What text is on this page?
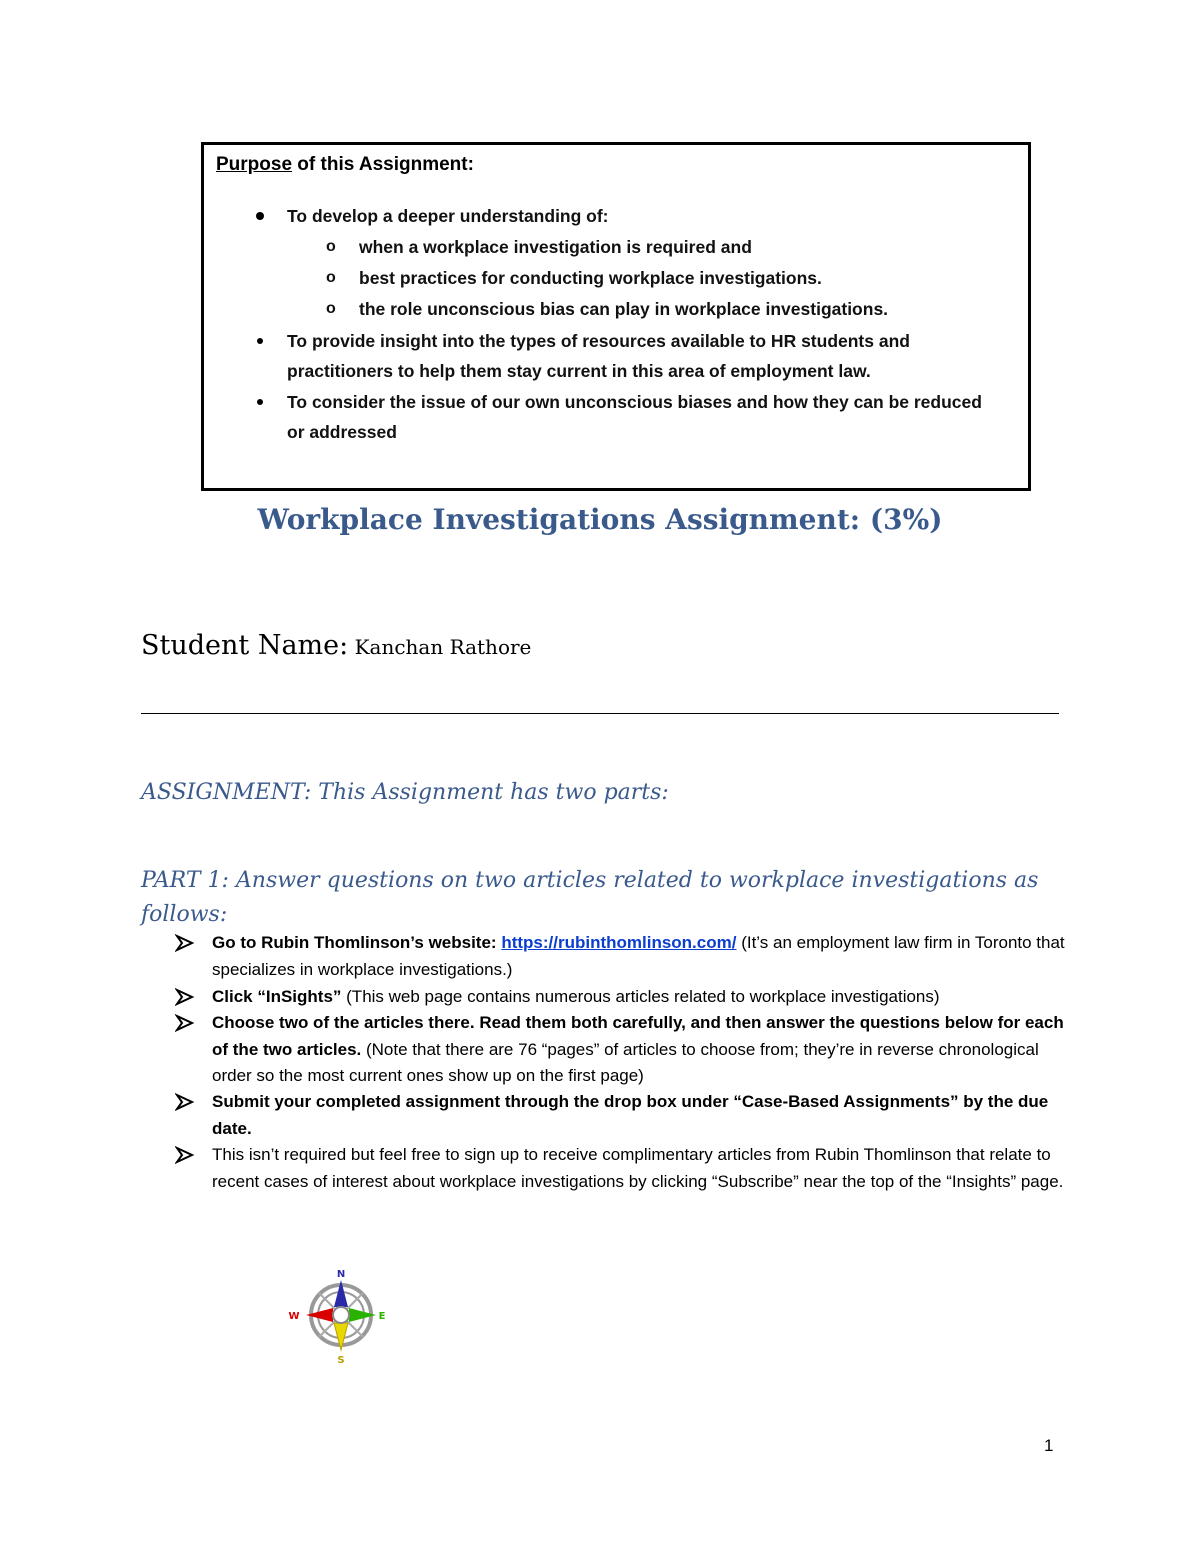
Purpose of this Assignment:
To develop a deeper understanding of:
o	when a workplace investigation is required and
o	best practices for conducting workplace investigations.
o	the role unconscious bias can play in workplace investigations.
To provide insight into the types of resources available to HR students and
practitioners to help them stay current in this area of employment law.
To consider the issue of our own unconscious biases and how they can be reduced
or addressed
Workplace Investigations Assignment: (3%)
Student Name: Kanchan Rathore
ASSIGNMENT: This Assignment has two parts:
PART 1: Answer questions on two articles related to workplace investigations as follows:
Go to Rubin Thomlinson’s website: https://rubinthomlinson.com/ (It’s an employment law firm in Toronto that specializes in workplace investigations.)
Click “InSights” (This web page contains numerous articles related to workplace investigations)
Choose two of the articles there. Read them both carefully, and then answer the questions below for each of the two articles. (Note that there are 76 “pages” of articles to choose from; they’re in reverse chronological order so the most current ones show up on the first page)
Submit your completed assignment through the drop box under “Case-Based Assignments” by the due date.
This isn’t required but feel free to sign up to receive complimentary articles from Rubin Thomlinson that relate to recent cases of interest about workplace investigations by clicking “Subscribe” near the top of the “Insights” page.
N
E
S
W
1
